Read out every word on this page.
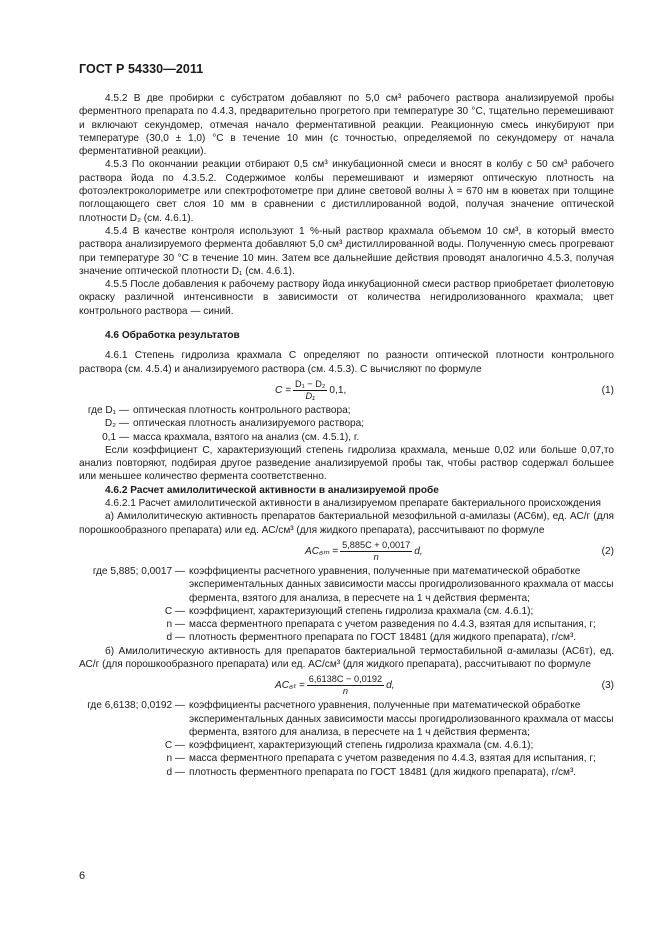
ГОСТ Р 54330—2011

4.5.2 В две пробирки с субстратом добавляют по 5,0 см³ рабочего раствора анализируемой пробы ферментного препарата по 4.4.3, предварительно прогретого при температуре 30 °С, тщательно перемешивают и включают секундомер, отмечая начало ферментативной реакции. Реакционную смесь инкубируют при температуре (30,0 ± 1,0) °С в течение 10 мин (с точностью, определяемой по секундомеру от начала ферментативной реакции).

4.5.3 По окончании реакции отбирают 0,5 см³ инкубационной смеси и вносят в колбу с 50 см³ рабочего раствора йода по 4.3.5.2. Содержимое колбы перемешивают и измеряют оптическую плотность на фотоэлектроколориметре или спектрофотометре при длине световой волны λ = 670 нм в кюветах при толщине поглощающего свет слоя 10 мм в сравнении с дистиллированной водой, получая значение оптической плотности D₂ (см. 4.6.1).

4.5.4 В качестве контроля используют 1 %-ный раствор крахмала объемом 10 см³, в который вместо раствора анализируемого фермента добавляют 5,0 см³ дистиллированной воды. Полученную смесь прогревают при температуре 30 °С в течение 10 мин. Затем все дальнейшие действия проводят аналогично 4.5.3, получая значение оптической плотности D₁ (см. 4.6.1).

4.5.5 После добавления к рабочему раствору йода инкубационной смеси раствор приобретает фиолетовую окраску различной интенсивности в зависимости от количества негидролизованного крахмала; цвет контрольного раствора — синий.

4.6 Обработка результатов

4.6.1 Степень гидролиза крахмала C определяют по разности оптической плотности контрольного раствора (см. 4.5.4) и анализируемого раствора (см. 4.5.3). C вычисляют по формуле

$C = \frac{\text{D₁ − D₂}}{\text{D₁}} 0,1$,	(1)
где D₁ — оптическая плотность контрольного раствора;
D₂ — оптическая плотность анализируемого раствора;
0,1 — масса крахмала, взятого на анализ (см. 4.5.1), г.

Если коэффициент C, характеризующий степень гидролиза крахмала, меньше 0,02 или больше 0,07,то анализ повторяют, подбирая другое разведение анализируемой пробы так, чтобы раствор содержал большее или меньшее количество фермента соответственно.

4.6.2 Расчет амилолитической активности в анализируемой пробе

4.6.2.1 Расчет амилолитической активности в анализируемом препарате бактериального происхождения

а) Амилолитическую активность препаратов бактериальной мезофильной α-амилазы (АС6м), ед. АС/г (для порошкообразного препарата) или ед. АС/см³ (для жидкого препарата), рассчитывают по формуле

$AC_{6m} = \frac{5,885C + 0,0017}{n} d$,	(2)
где 5,885; 0,0017 — коэффициенты расчетного уравнения, полученные при математической обработке экспериментальных данных зависимости массы прогидролизованного крахмала от массы фермента, взятого для анализа, в пересчете на 1 ч действия фермента;
C — коэффициент, характеризующий степень гидролиза крахмала (см. 4.6.1);
n — масса ферментного препарата с учетом разведения по 4.4.3, взятая для испытания, г;
d — плотность ферментного препарата по ГОСТ 18481 (для жидкого препарата), г/см³.

б) Амилолитическую активность для препаратов бактериальной термостабильной α-амилазы (АС6т), ед. АС/г (для порошкообразного препарата) или ед. АС/см³ (для жидкого препарата), рассчитывают по формуле

$AC_{6t} = \frac{6,6138C - 0,0192}{n} d$,	(3)
где 6,6138; 0,0192 — коэффициенты расчетного уравнения, полученные при математической обработке экспериментальных данных зависимости массы прогидролизованного крахмала от массы фермента, взятого для анализа, в пересчете на 1 ч действия фермента;
C — коэффициент, характеризующий степень гидролиза крахмала (см. 4.6.1);
n — масса ферментного препарата с учетом разведения по 4.4.3, взятая для испытания, г;
d — плотность ферментного препарата по ГОСТ 18481 (для жидкого препарата), г/см³.
6
